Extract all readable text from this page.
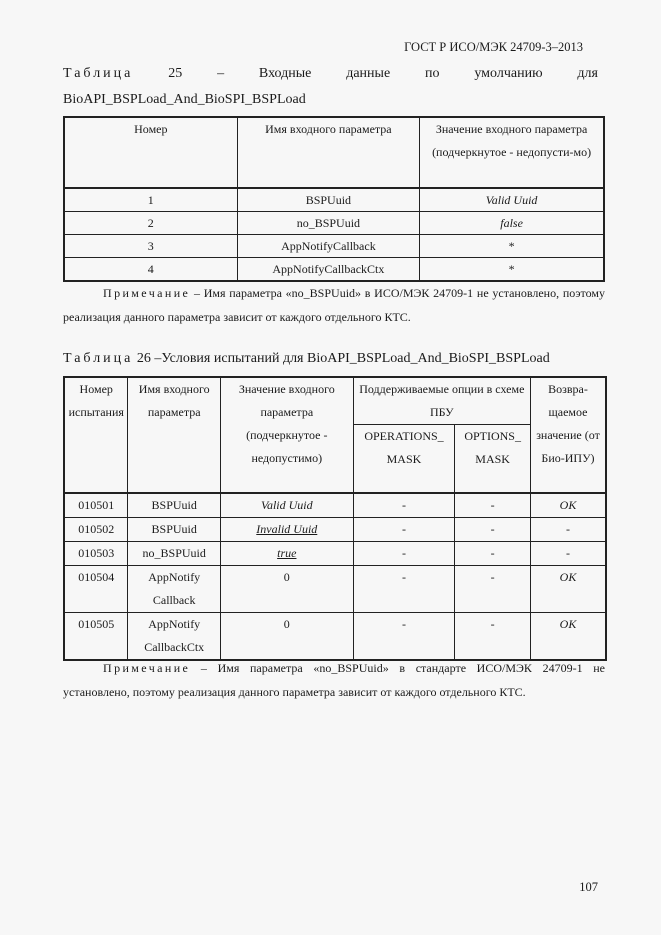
ГОСТ Р ИСО/МЭК 24709-3–2013
Таблица 25 – Входные данные по умолчанию для
BioAPI_BSPLoad_And_BioSPI_BSPLoad
Номер	Имя входного параметра	Значение входного параметра (подчеркнутое - недопусти-мо)
1	BSPUuid	Valid Uuid
2	no_BSPUuid	false
3	AppNotifyCallback	*
4	AppNotifyCallbackCtx	*
Примечание – Имя параметра «no_BSPUuid» в ИСО/МЭК 24709-1 не установлено, поэтому реализация данного параметра зависит от каждого отдельного КТС.
Таблица 26 –Условия испытаний для BioAPI_BSPLoad_And_BioSPI_BSPLoad
Номер испытания	Имя входного параметра	Значение входного параметра (подчеркнутое - недопустимо)	Поддерживаемые опции в схеме ПБУ		Возвра-щаемое значение (от Био-ИПУ)
			OPERATIONS_ MASK	OPTIONS_ MASK	
010501	BSPUuid	Valid Uuid	-	-	OK
010502	BSPUuid	Invalid Uuid	-	-	-
010503	no_BSPUuid	true	-	-	-
010504	AppNotify Callback	0	-	-	OK
010505	AppNotify CallbackCtx	0	-	-	OK
Примечание – Имя параметра «no_BSPUuid» в стандарте ИСО/МЭК 24709-1 не установлено, поэтому реализация данного параметра зависит от каждого отдельного КТС.
107
